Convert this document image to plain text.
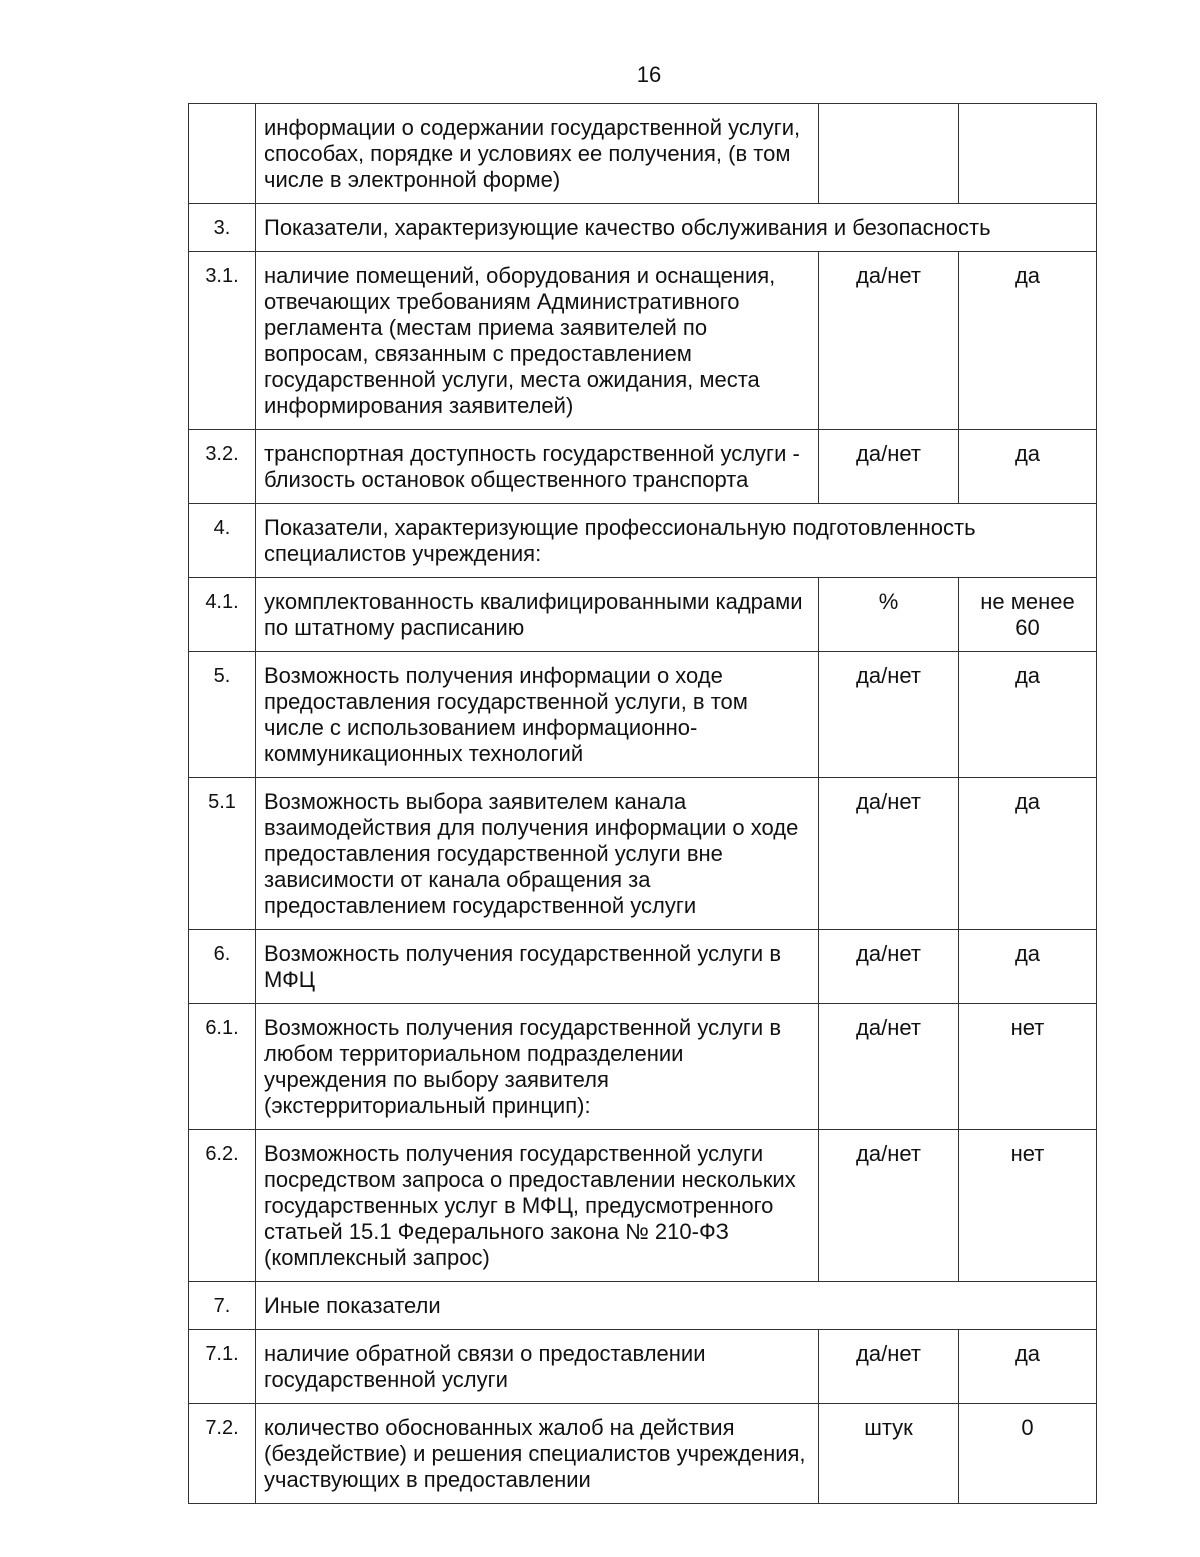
16
	информации о содержании государственной услуги, способах, порядке и условиях ее получения, (в том числе в электронной форме)		
3.	Показатели, характеризующие качество обслуживания и безопасность		
3.1.	наличие помещений, оборудования и оснащения, отвечающих требованиям Административного регламента (местам приема заявителей по вопросам, связанным с предоставлением государственной услуги, места ожидания, места информирования заявителей)	да/нет	да
3.2.	транспортная доступность государственной услуги - близость остановок общественного транспорта	да/нет	да
4.	Показатели, характеризующие профессиональную подготовленность специалистов учреждения:		
4.1.	укомплектованность квалифицированными кадрами по штатному расписанию	%	не менее 60
5.	Возможность получения информации о ходе предоставления государственной услуги, в том числе с использованием информационно-коммуникационных технологий	да/нет	да
5.1	Возможность выбора заявителем канала взаимодействия для получения информации о ходе предоставления государственной услуги вне зависимости от канала обращения за предоставлением государственной услуги	да/нет	да
6.	Возможность получения государственной услуги в МФЦ	да/нет	да
6.1.	Возможность получения государственной услуги в любом территориальном подразделении учреждения по выбору заявителя (экстерриториальный принцип):	да/нет	нет
6.2.	Возможность получения государственной услуги посредством запроса о предоставлении нескольких государственных услуг в МФЦ, предусмотренного статьей 15.1 Федерального закона № 210-ФЗ (комплексный запрос)	да/нет	нет
7.	Иные показатели		
7.1.	наличие обратной связи о предоставлении государственной услуги	да/нет	да
7.2.	количество обоснованных жалоб на действия (бездействие) и решения специалистов учреждения, участвующих в предоставлении	штук	0
